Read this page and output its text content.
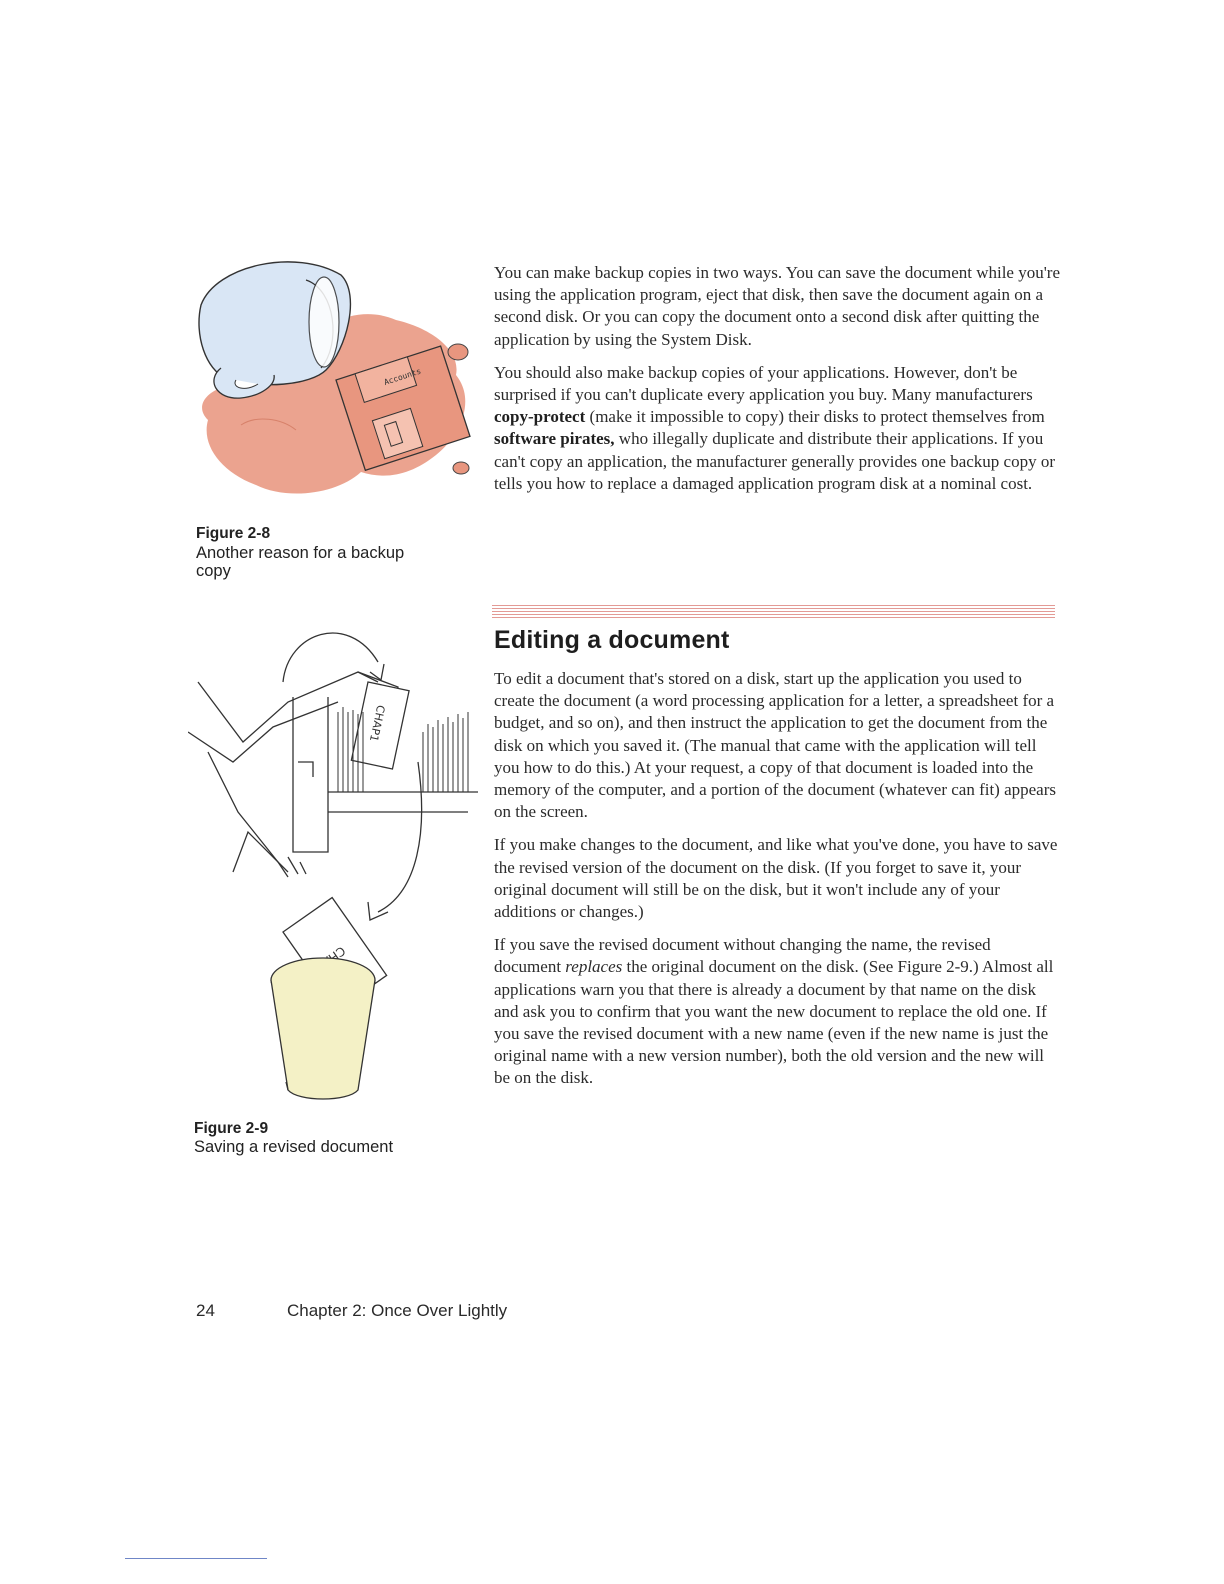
Accounts
Figure 2-8
Another reason for a backup
copy

You can make backup copies in two ways. You can save the document while you're using the application program, eject that disk, then save the document again on a second disk. Or you can copy the document onto a second disk after quitting the application by using the System Disk.

You should also make backup copies of your applications. However, don't be surprised if you can't duplicate every application you buy. Many manufacturers copy-protect (make it impossible to copy) their disks to protect themselves from software pirates, who illegally duplicate and distribute their applications. If you can't copy an application, the manufacturer generally provides one backup copy or tells you how to replace a damaged application program disk at a nominal cost.

Editing a document

To edit a document that's stored on a disk, start up the application you used to create the document (a word processing application for a letter, a spreadsheet for a budget, and so on), and then instruct the application to get the document from the disk on which you saved it. (The manual that came with the application will tell you how to do this.) At your request, a copy of that document is loaded into the memory of the computer, and a portion of the document (whatever can fit) appears on the screen.

If you make changes to the document, and like what you've done, you have to save the revised version of the document on the disk. (If you forget to save it, your original document will still be on the disk, but it won't include any of your additions or changes.)

If you save the revised document without changing the name, the revised document replaces the original document on the disk. (See Figure 2-9.) Almost all applications warn you that there is already a document by that name on the disk and ask you to confirm that you want the new document to replace the old one. If you save the revised document with a new name (even if the new name is just the original name with a new version number), both the old version and the new will be on the disk.

CHAP1
Figure 2-9
Saving a revised document
24	Chapter 2: Once Over Lightly
